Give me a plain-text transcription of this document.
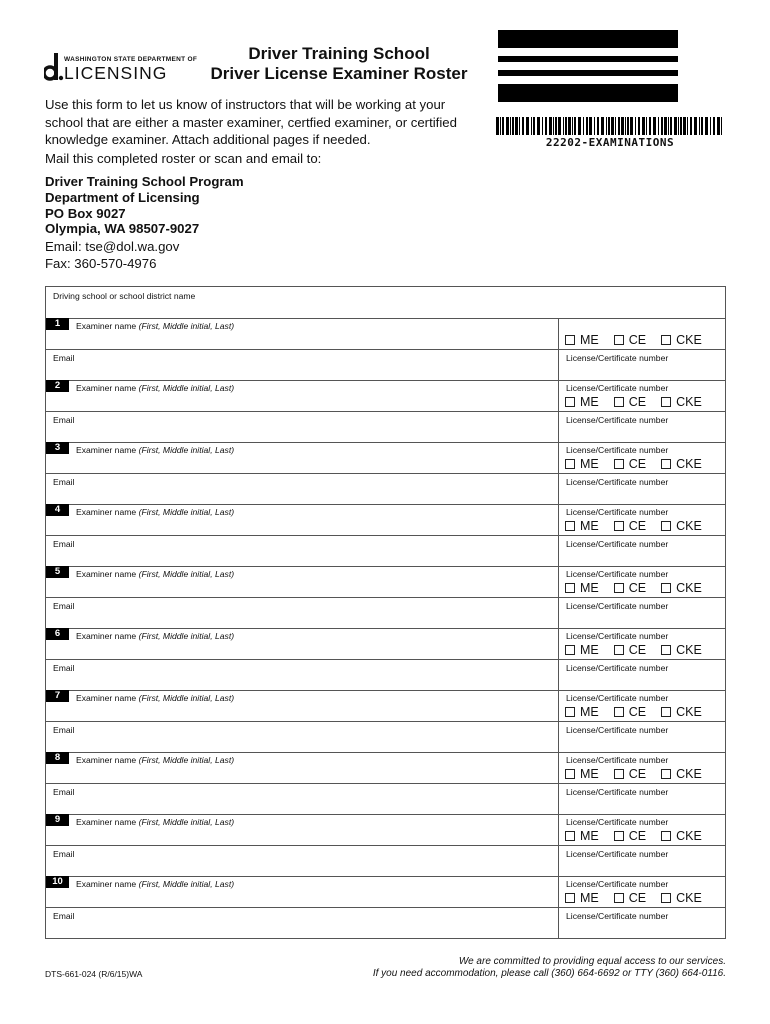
WASHINGTON STATE DEPARTMENT OF
LICENSING
Driver Training School
Driver License Examiner Roster
22202-EXAMINATIONS
Use this form to let us know of instructors that will be working at your school that are either a master examiner, certfied examiner, or certified knowledge examiner. Attach additional pages if needed.
Mail this completed roster or scan and email to:
Driver Training School Program
Department of Licensing
PO Box 9027
Olympia, WA 98507-9027
Email: tse@dol.wa.gov
Fax: 360-570-4976
Driving school or school district name
1	Examiner name (First, Middle initial, Last)
ME CE CKE
Email	License/Certificate number
2	Examiner name (First, Middle initial, Last)	License/Certificate number
ME CE CKE
Email	License/Certificate number
3	Examiner name (First, Middle initial, Last)	License/Certificate number
ME CE CKE
Email	License/Certificate number
4	Examiner name (First, Middle initial, Last)	License/Certificate number
ME CE CKE
Email	License/Certificate number
5	Examiner name (First, Middle initial, Last)	License/Certificate number
ME CE CKE
Email	License/Certificate number
6	Examiner name (First, Middle initial, Last)	License/Certificate number
ME CE CKE
Email	License/Certificate number
7	Examiner name (First, Middle initial, Last)	License/Certificate number
ME CE CKE
Email	License/Certificate number
8	Examiner name (First, Middle initial, Last)	License/Certificate number
ME CE CKE
Email	License/Certificate number
9	Examiner name (First, Middle initial, Last)	License/Certificate number
ME CE CKE
Email	License/Certificate number
10	Examiner name (First, Middle initial, Last)	License/Certificate number
ME CE CKE
Email	License/Certificate number
DTS-661-024 (R/6/15)WA
We are committed to providing equal access to our services.
If you need accommodation, please call (360) 664-6692 or TTY (360) 664-0116.
